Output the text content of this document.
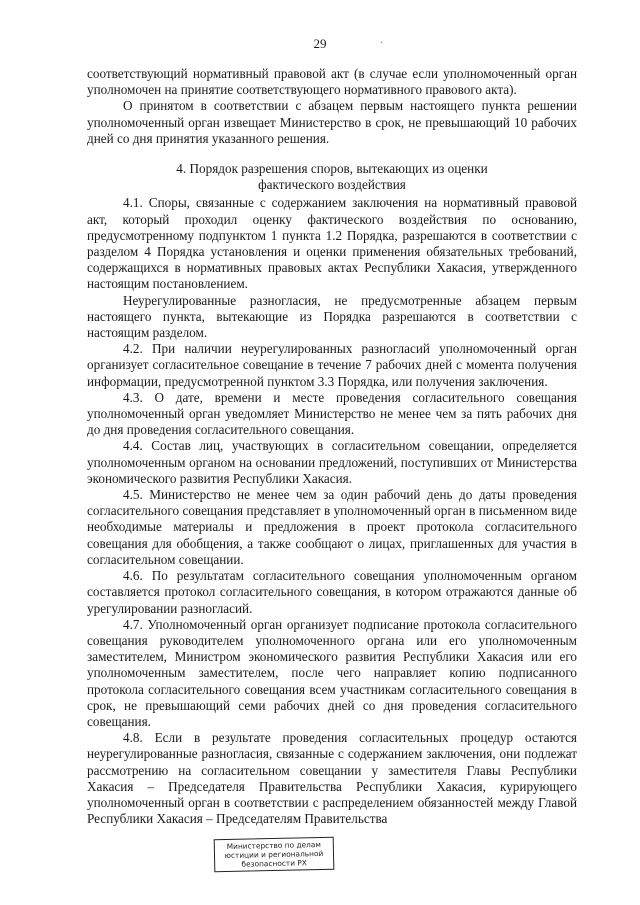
29	·

соответствующий нормативный правовой акт (в случае если уполномоченный орган уполномочен на принятие соответствующего нормативного правового акта).

О принятом в соответствии с абзацем первым настоящего пункта решении уполномоченный орган извещает Министерство в срок, не превышающий 10 рабочих дней со дня принятия указанного решения.

4. Порядок разрешения споров, вытекающих из оценки фактического воздействия

4.1. Споры, связанные с содержанием заключения на нормативный правовой акт, который проходил оценку фактического воздействия по основанию, предусмотренному подпунктом 1 пункта 1.2 Порядка, разрешаются в соответствии с разделом 4 Порядка установления и оценки применения обязательных требований, содержащихся в нормативных правовых актах Республики Хакасия, утвержденного настоящим постановлением.

Неурегулированные разногласия, не предусмотренные абзацем первым настоящего пункта, вытекающие из Порядка разрешаются в соответствии с настоящим разделом.

4.2. При наличии неурегулированных разногласий уполномоченный орган организует согласительное совещание в течение 7 рабочих дней с момента получения информации, предусмотренной пунктом 3.3 Порядка, или получения заключения.

4.3. О дате, времени и месте проведения согласительного совещания уполномоченный орган уведомляет Министерство не менее чем за пять рабочих дня до дня проведения согласительного совещания.

4.4. Состав лиц, участвующих в согласительном совещании, определяется уполномоченным органом на основании предложений, поступивших от Министерства экономического развития Республики Хакасия.

4.5. Министерство не менее чем за один рабочий день до даты проведения согласительного совещания представляет в уполномоченный орган в письменном виде необходимые материалы и предложения в проект протокола согласительного совещания для обобщения, а также сообщают о лицах, приглашенных для участия в согласительном совещании.

4.6. По результатам согласительного совещания уполномоченным органом составляется протокол согласительного совещания, в котором отражаются данные об урегулировании разногласий.

4.7. Уполномоченный орган организует подписание протокола согласительного совещания руководителем уполномоченного органа или его уполномоченным заместителем, Министром экономического развития Республики Хакасия или его уполномоченным заместителем, после чего направляет копию подписанного протокола согласительного совещания всем участникам согласительного совещания в срок, не превышающий семи рабочих дней со дня проведения согласительного совещания.

4.8. Если в результате проведения согласительных процедур остаются неурегулированные разногласия, связанные с содержанием заключения, они подлежат рассмотрению на согласительном совещании у заместителя Главы Республики Хакасия – Председателя Правительства Республики Хакасия, курирующего уполномоченный орган в соответствии с распределением обязанностей между Главой Республики Хакасия – Председателям Правительства

Министерство по делам
юстиции и региональной
безопасности РХ
